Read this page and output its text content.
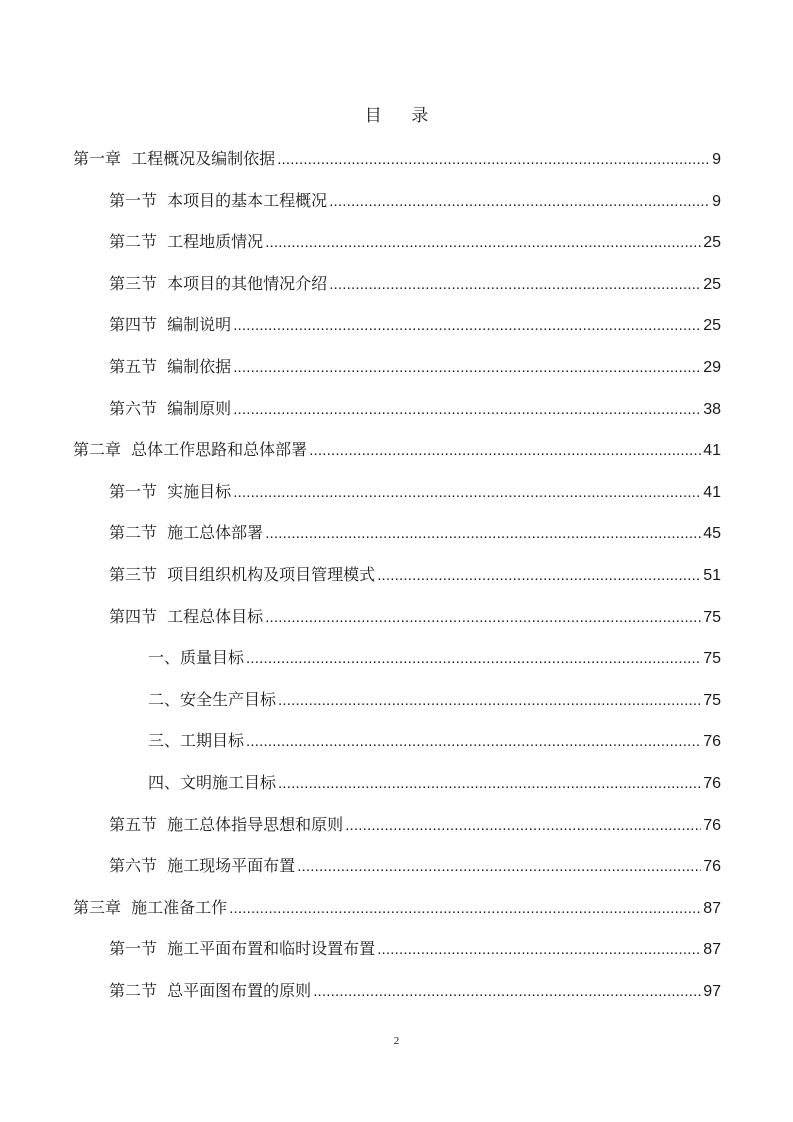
目 录
第一章  工程概况及编制依据 .....	9
第一节  本项目的基本工程概况 .....	9
第二节  工程地质情况 .....	25
第三节  本项目的其他情况介绍 .....	25
第四节  编制说明 .....	25
第五节  编制依据 .....	29
第六节  编制原则 .....	38
第二章  总体工作思路和总体部署 .....	41
第一节  实施目标 .....	41
第二节  施工总体部署 .....	45
第三节  项目组织机构及项目管理模式 .....	51
第四节  工程总体目标 .....	75
一、质量目标 .....	75
二、安全生产目标 .....	75
三、工期目标 .....	76
四、文明施工目标 .....	76
第五节  施工总体指导思想和原则 .....	76
第六节  施工现场平面布置 .....	76
第三章  施工准备工作 .....	87
第一节  施工平面布置和临时设置布置 .....	87
第二节  总平面图布置的原则 .....	97
2
